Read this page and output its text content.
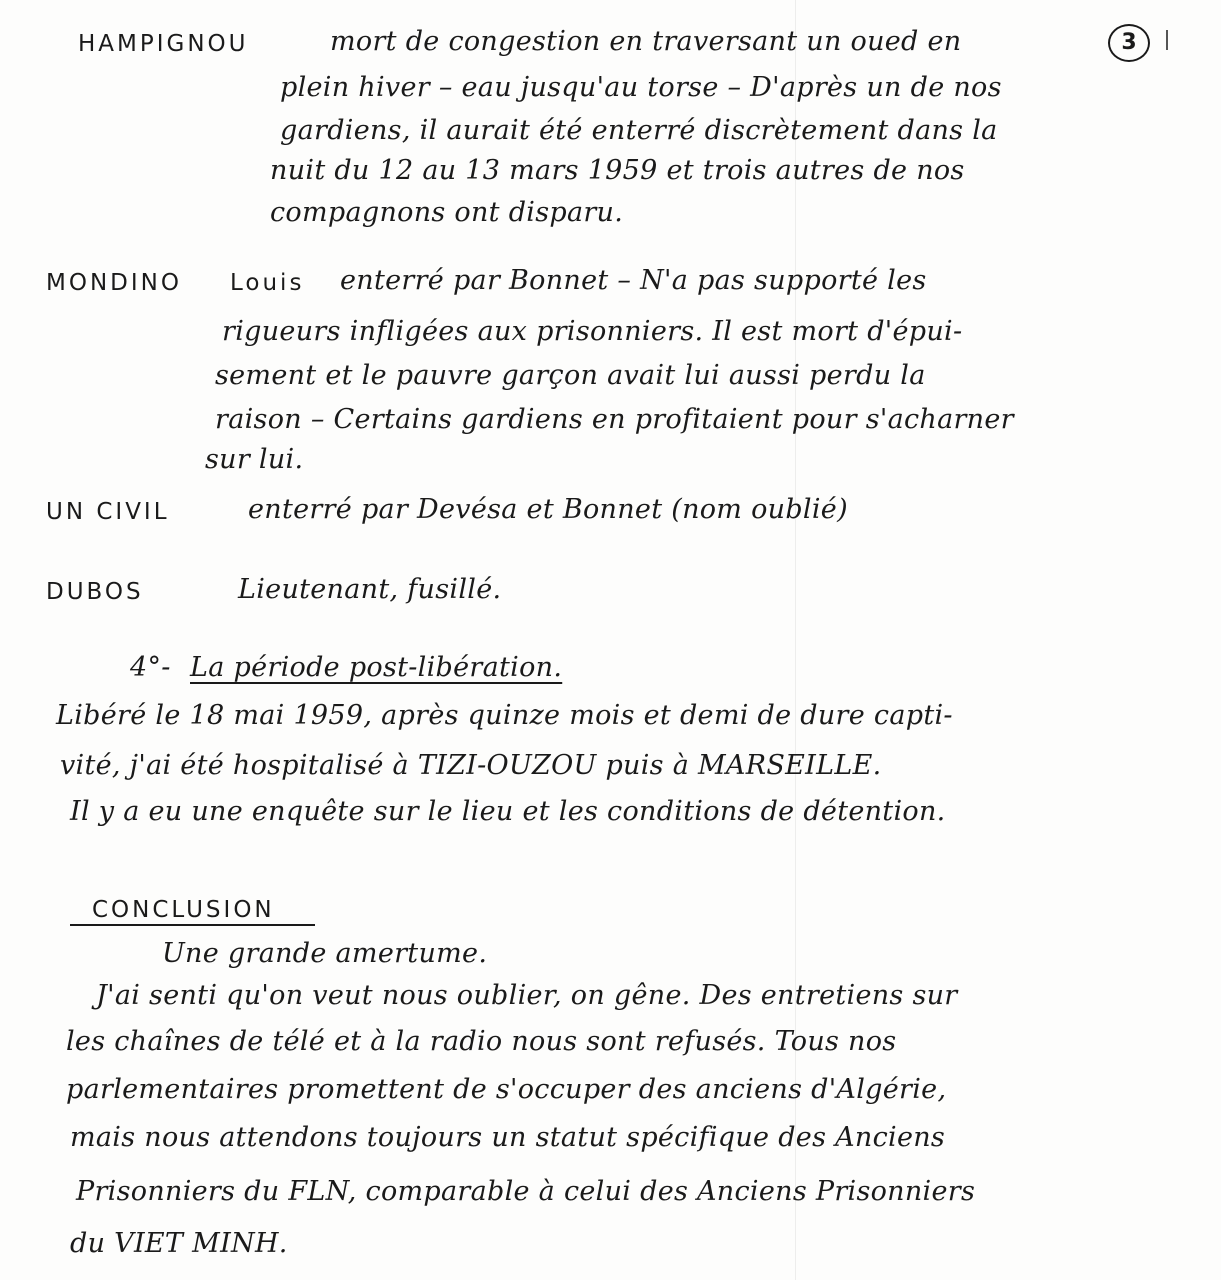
3
HAMPIGNOU	mort de congestion en traversant un oued en
plein hiver – eau jusqu'au torse – D'après un de nos
gardiens, il aurait été enterré discrètement dans la
nuit du 12 au 13 mars 1959 et trois autres de nos
compagnons ont disparu.
MONDINO Louis enterré par Bonnet – N'a pas supporté les
rigueurs infligées aux prisonniers. Il est mort d'épui-
sement et le pauvre garçon avait lui aussi perdu la
raison – Certains gardiens en profitaient pour s'acharner
sur lui.
UN CIVIL	enterré par Devésa et Bonnet (nom oublié)
DUBOS	Lieutenant, fusillé.
4°- La période post-libération.
Libéré le 18 mai 1959, après quinze mois et demi de dure capti-
vité, j'ai été hospitalisé à TIZI-OUZOU puis à MARSEILLE.
Il y a eu une enquête sur le lieu et les conditions de détention.
CONCLUSION
Une grande amertume.
J'ai senti qu'on veut nous oublier, on gêne. Des entretiens sur
les chaînes de télé et à la radio nous sont refusés. Tous nos
parlementaires promettent de s'occuper des anciens d'Algérie,
mais nous attendons toujours un statut spécifique des Anciens
Prisonniers du FLN, comparable à celui des Anciens Prisonniers
du VIET MINH.
